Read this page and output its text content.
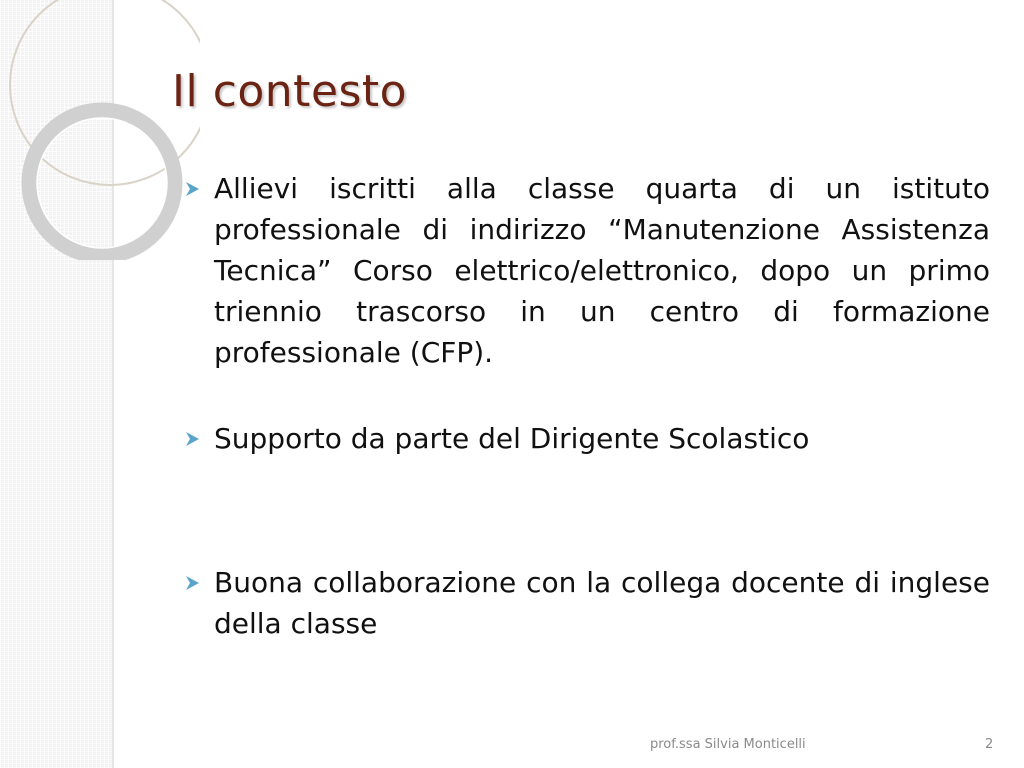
Il contesto
Allievi iscritti alla classe quarta di un istituto professionale di indirizzo “Manutenzione Assistenza Tecnica” Corso elettrico/elettronico, dopo un primo triennio trascorso in un centro di formazione professionale (CFP).
Supporto da parte del Dirigente Scolastico
Buona collaborazione con la collega docente di inglese della classe
prof.ssa Silvia Monticelli	2
